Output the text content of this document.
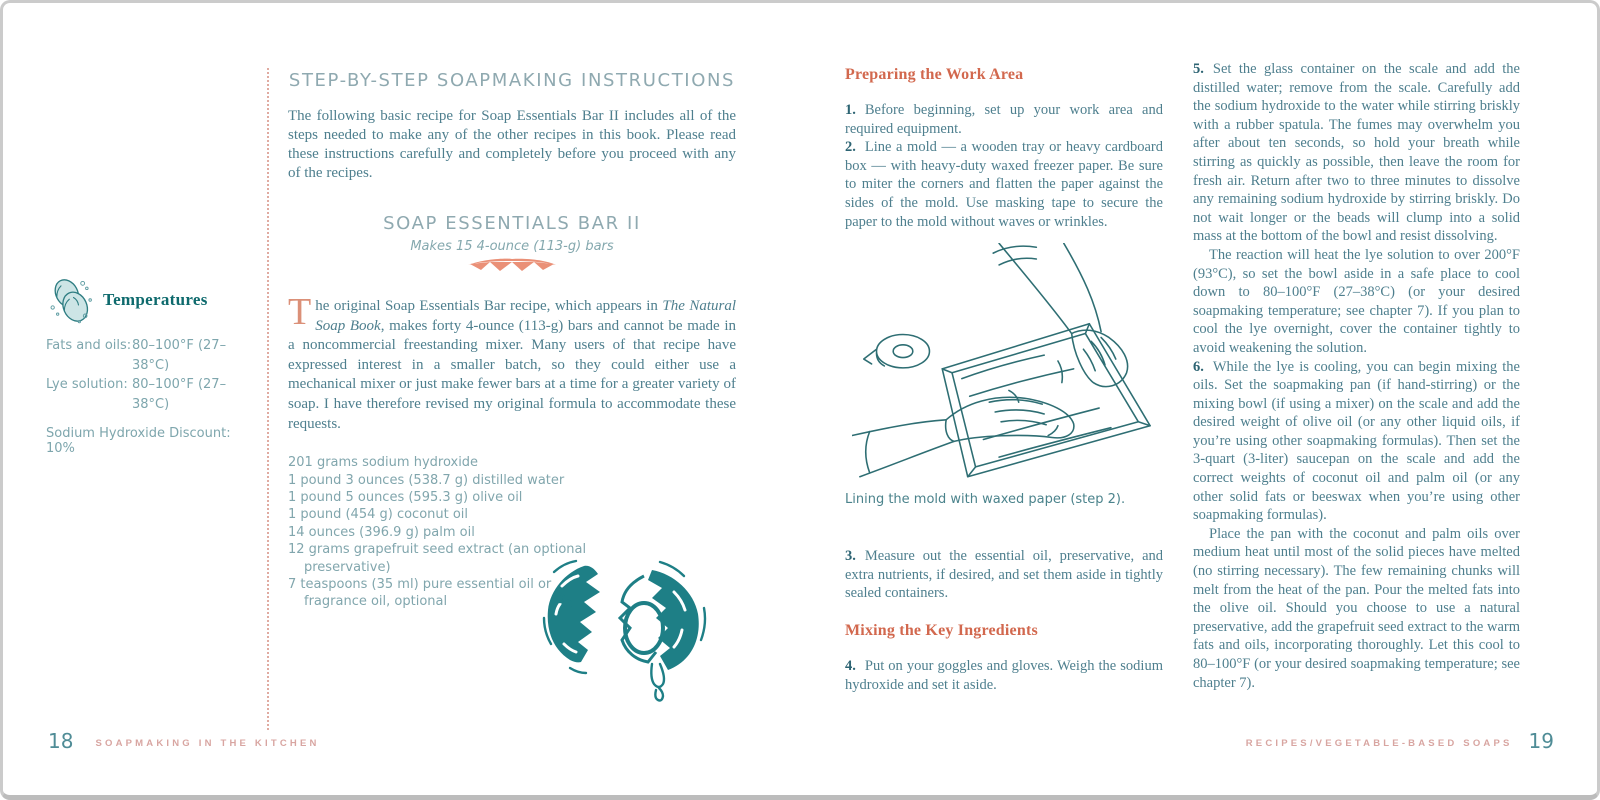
Temperatures
Fats and oils: 80–100°F (27–38°C)
Lye solution: 80–100°F (27–38°C)
Sodium Hydroxide Discount: 10%
STEP-BY-STEP SOAPMAKING INSTRUCTIONS

The following basic recipe for Soap Essentials Bar II includes all of the steps needed to make any of the other recipes in this book. Please read these instructions carefully and completely before you proceed with any of the recipes.

SOAP ESSENTIALS BAR II

Makes 15 4-ounce (113-g) bars

The original Soap Essentials Bar recipe, which appears in The Natural Soap Book, makes forty 4-ounce (113-g) bars and cannot be made in a noncommercial freestanding mixer. Many users of that recipe have expressed interest in a smaller batch, so they could either use a mechanical mixer or just make fewer bars at a time for a greater variety of soap. I have therefore revised my original formula to accommodate these requests.

201 grams sodium hydroxide
1 pound 3 ounces (538.7 g) distilled water
1 pound 5 ounces (595.3 g) olive oil
1 pound (454 g) coconut oil
14 ounces (396.9 g) palm oil
12 grams grapefruit seed extract (an optional preservative)
7 teaspoons (35 ml) pure essential oil or fragrance oil, optional
18 SOAPMAKING IN THE KITCHEN
Preparing the Work Area

1. Before beginning, set up your work area and required equipment.

2. Line a mold — a wooden tray or heavy cardboard box — with heavy-duty waxed freezer paper. Be sure to miter the corners and flatten the paper against the sides of the mold. Use masking tape to secure the paper to the mold without waves or wrinkles.

Lining the mold with waxed paper (step 2).

3. Measure out the essential oil, preservative, and extra nutrients, if desired, and set them aside in tightly sealed containers.

Mixing the Key Ingredients

4. Put on your goggles and gloves. Weigh the sodium hydroxide and set it aside.

5. Set the glass container on the scale and add the distilled water; remove from the scale. Carefully add the sodium hydroxide to the water while stirring briskly with a rubber spatula. The fumes may overwhelm you after about ten seconds, so hold your breath while stirring as quickly as possible, then leave the room for fresh air. Return after two to three minutes to dissolve any remaining sodium hydroxide by stirring briskly. Do not wait longer or the beads will clump into a solid mass at the bottom of the bowl and resist dissolving.

The reaction will heat the lye solution to over 200°F (93°C), so set the bowl aside in a safe place to cool down to 80–100°F (27–38°C) (or your desired soapmaking temperature; see chapter 7). If you plan to cool the lye overnight, cover the container tightly to avoid weakening the solution.

6. While the lye is cooling, you can begin mixing the oils. Set the soapmaking pan (if hand-stirring) or the mixing bowl (if using a mixer) on the scale and add the desired weight of olive oil (or any other liquid oils, if you’re using other soapmaking formulas). Then set the 3-quart (3-liter) saucepan on the scale and add the correct weights of coconut oil and palm oil (or any other solid fats or beeswax when you’re using other soapmaking formulas).

Place the pan with the coconut and palm oils over medium heat until most of the solid pieces have melted (no stirring necessary). The few remaining chunks will melt from the heat of the pan. Pour the melted fats into the olive oil. Should you choose to use a natural preservative, add the grapefruit seed extract to the warm fats and oils, incorporating thoroughly. Let this cool to 80–100°F (or your desired soapmaking temperature; see chapter 7).

RECIPES/VEGETABLE-BASED SOAPS 19
